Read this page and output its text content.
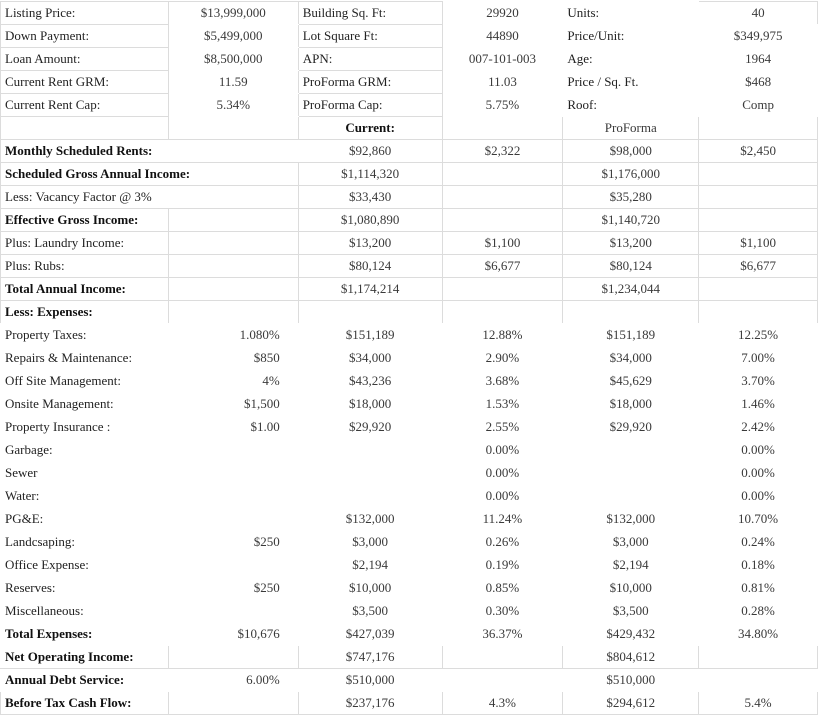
Listing Price:	$13,999,000	Building Sq. Ft:	29920	Units:	40
Down Payment:	$5,499,000	Lot Square Ft:	44890	Price/Unit:	$349,975
Loan Amount:	$8,500,000	APN:	007-101-003	Age:	1964
Current Rent GRM:	11.59	ProForma GRM:	11.03	Price / Sq. Ft.	$468
Current Rent Cap:	5.34%	ProForma Cap:	5.75%	Roof:	Comp
		Current:		ProForma	
Monthly Scheduled Rents:		$92,860	$2,322	$98,000	$2,450
Scheduled Gross Annual Income:		$1,114,320		$1,176,000	
Less: Vacancy Factor @ 3%		$33,430		$35,280	
Effective Gross Income:		$1,080,890		$1,140,720	
Plus: Laundry Income:		$13,200	$1,100	$13,200	$1,100
Plus: Rubs:		$80,124	$6,677	$80,124	$6,677
Total Annual Income:		$1,174,214		$1,234,044	
Less: Expenses:					
Property Taxes:	1.080%	$151,189	12.88%	$151,189	12.25%
Repairs & Maintenance:	$850	$34,000	2.90%	$34,000	7.00%
Off Site Management:	4%	$43,236	3.68%	$45,629	3.70%
Onsite Management:	$1,500	$18,000	1.53%	$18,000	1.46%
Property Insurance :	$1.00	$29,920	2.55%	$29,920	2.42%
Garbage:			0.00%		0.00%
Sewer			0.00%		0.00%
Water:			0.00%		0.00%
PG&E:		$132,000	11.24%	$132,000	10.70%
Landcsaping:	$250	$3,000	0.26%	$3,000	0.24%
Office Expense:		$2,194	0.19%	$2,194	0.18%
Reserves:	$250	$10,000	0.85%	$10,000	0.81%
Miscellaneous:		$3,500	0.30%	$3,500	0.28%
Total Expenses:	$10,676	$427,039	36.37%	$429,432	34.80%
Net Operating Income:		$747,176		$804,612	
Annual Debt Service:	6.00%	$510,000		$510,000	
Before Tax Cash Flow:		$237,176	4.3%	$294,612	5.4%
